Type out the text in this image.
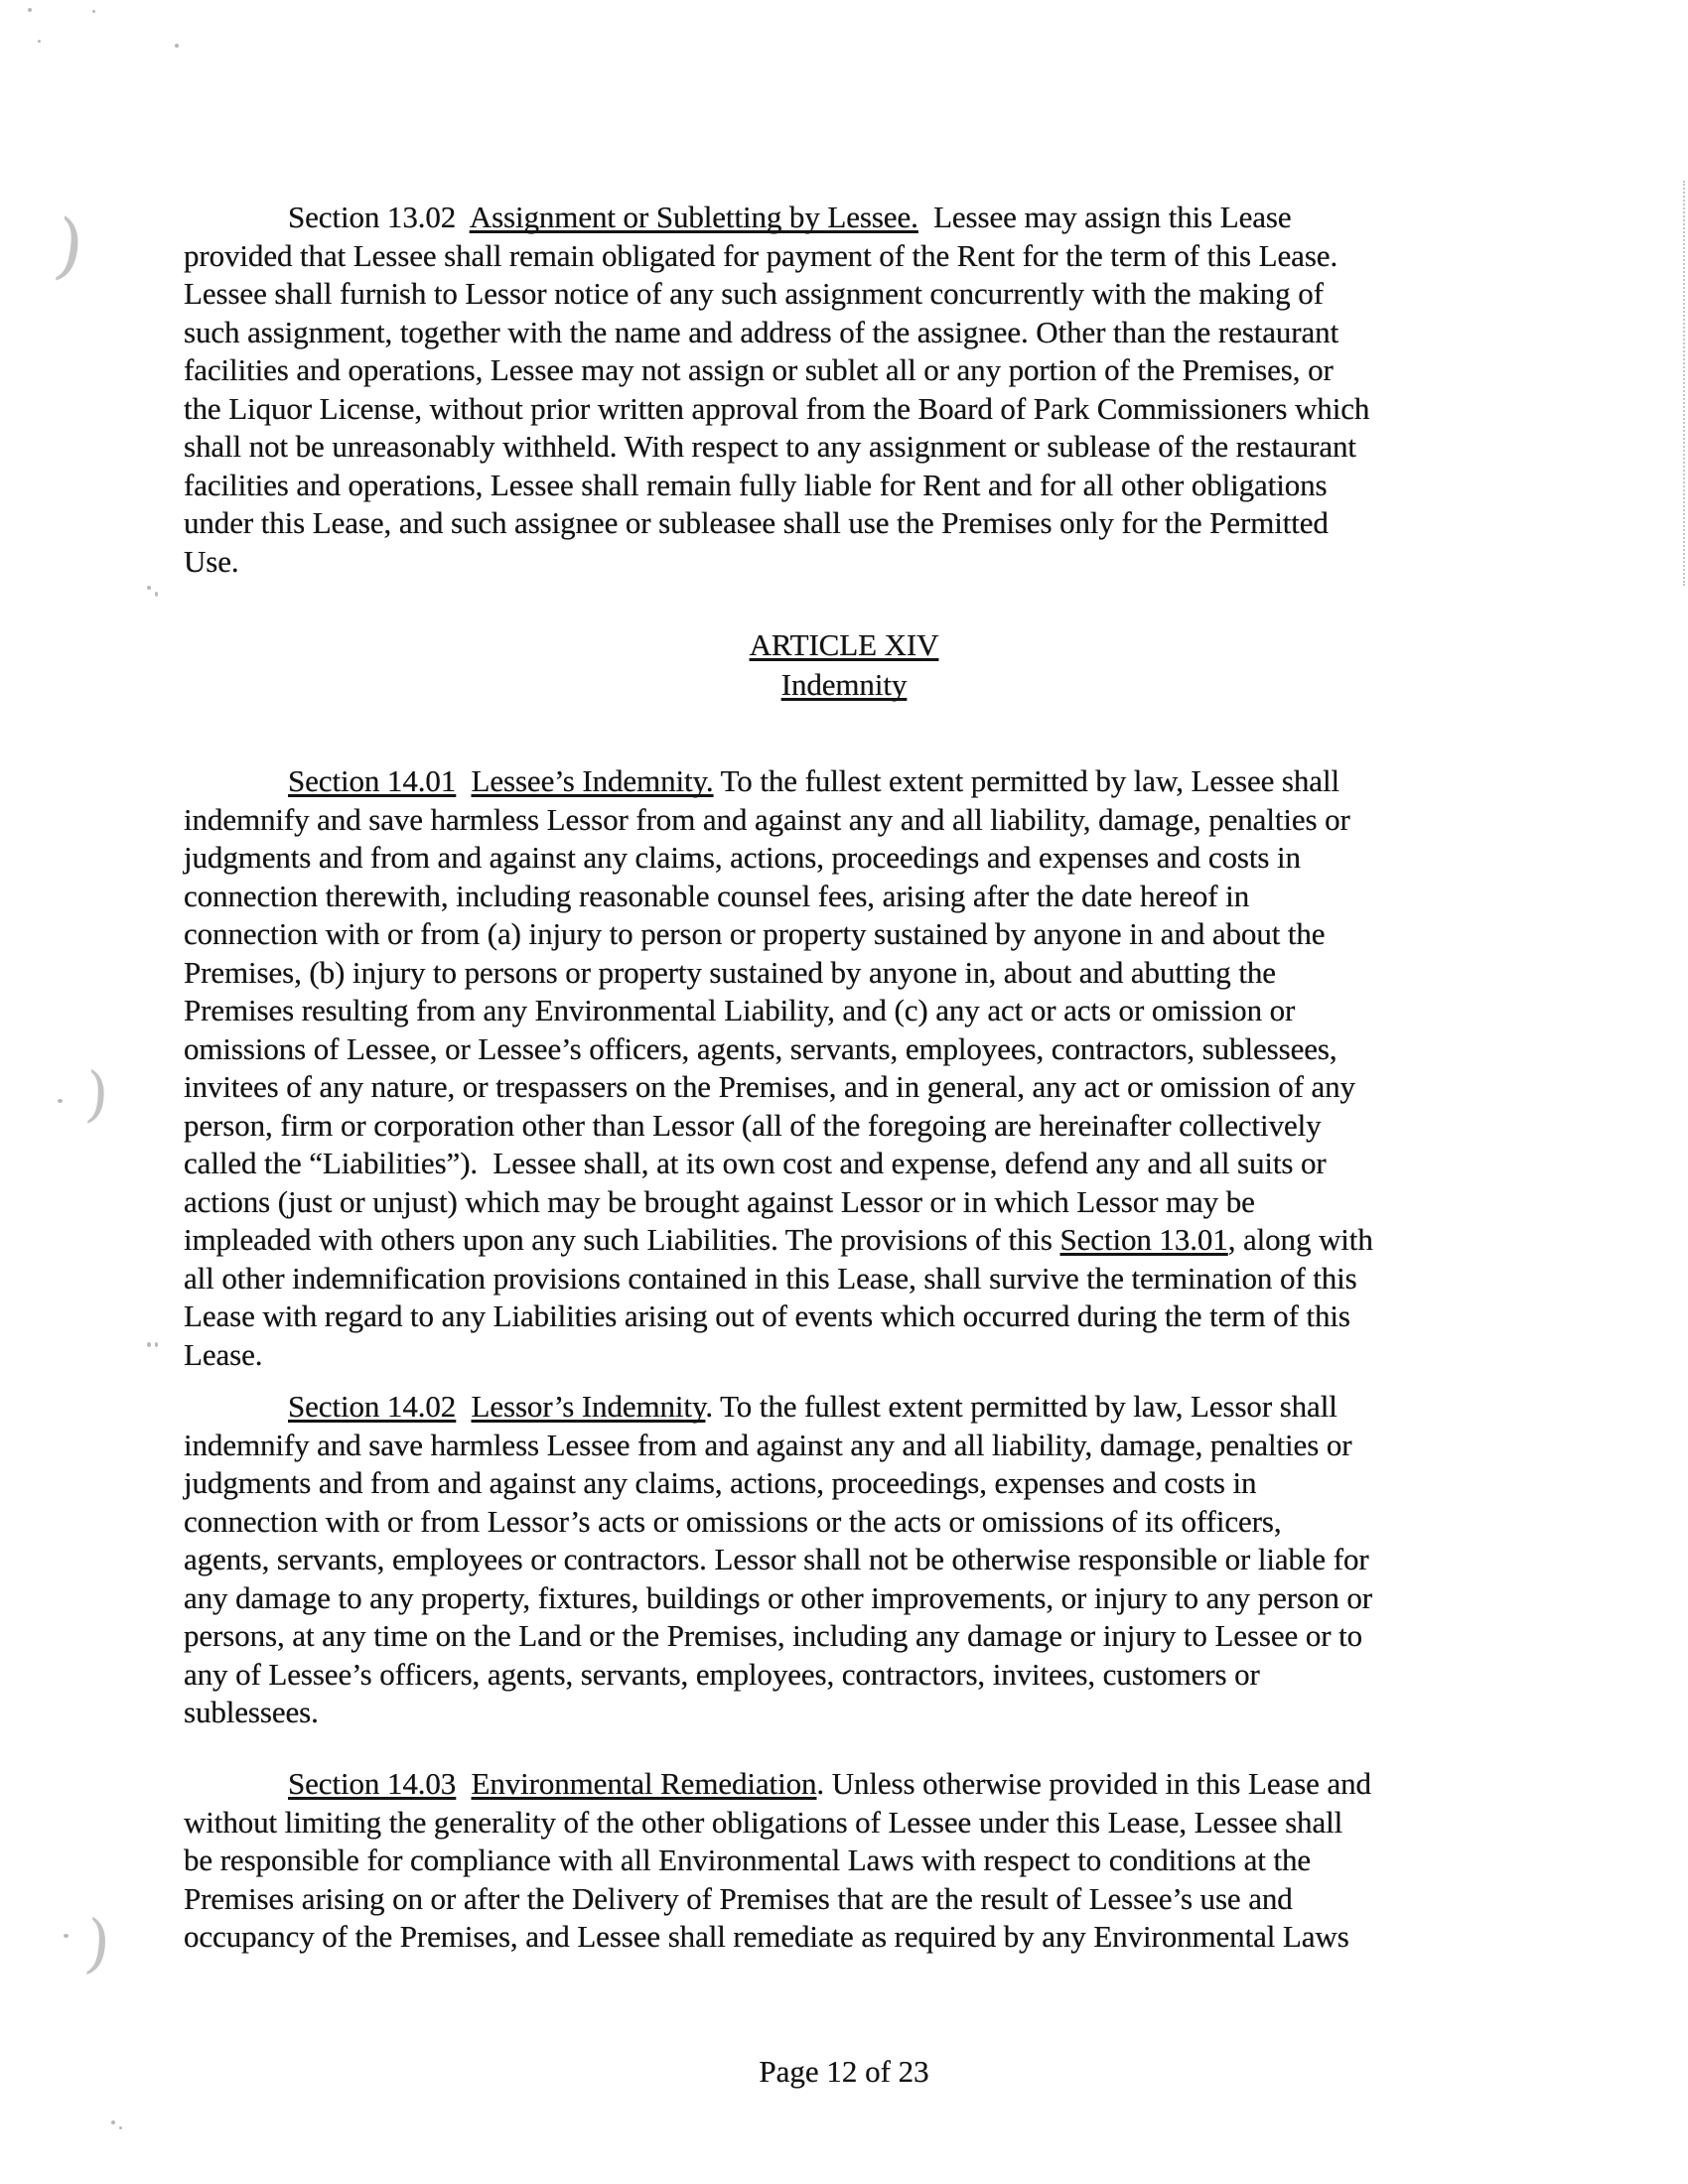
Section 13.02  Assignment or Subletting by Lessee.  Lessee may assign this Lease
provided that Lessee shall remain obligated for payment of the Rent for the term of this Lease.
Lessee shall furnish to Lessor notice of any such assignment concurrently with the making of
such assignment, together with the name and address of the assignee. Other than the restaurant
facilities and operations, Lessee may not assign or sublet all or any portion of the Premises, or
the Liquor License, without prior written approval from the Board of Park Commissioners which
shall not be unreasonably withheld. With respect to any assignment or sublease of the restaurant
facilities and operations, Lessee shall remain fully liable for Rent and for all other obligations
under this Lease, and such assignee or subleasee shall use the Premises only for the Permitted
Use.
ARTICLE XIV
Indemnity
Section 14.01 Lessee’s Indemnity. To the fullest extent permitted by law, Lessee shall
indemnify and save harmless Lessor from and against any and all liability, damage, penalties or
judgments and from and against any claims, actions, proceedings and expenses and costs in
connection therewith, including reasonable counsel fees, arising after the date hereof in
connection with or from (a) injury to person or property sustained by anyone in and about the
Premises, (b) injury to persons or property sustained by anyone in, about and abutting the
Premises resulting from any Environmental Liability, and (c) any act or acts or omission or
omissions of Lessee, or Lessee’s officers, agents, servants, employees, contractors, sublessees,
invitees of any nature, or trespassers on the Premises, and in general, any act or omission of any
person, firm or corporation other than Lessor (all of the foregoing are hereinafter collectively
called the “Liabilities”).  Lessee shall, at its own cost and expense, defend any and all suits or
actions (just or unjust) which may be brought against Lessor or in which Lessor may be
impleaded with others upon any such Liabilities. The provisions of this Section 13.01, along with
all other indemnification provisions contained in this Lease, shall survive the termination of this
Lease with regard to any Liabilities arising out of events which occurred during the term of this
Lease.
Section 14.02 Lessor’s Indemnity. To the fullest extent permitted by law, Lessor shall
indemnify and save harmless Lessee from and against any and all liability, damage, penalties or
judgments and from and against any claims, actions, proceedings, expenses and costs in
connection with or from Lessor’s acts or omissions or the acts or omissions of its officers,
agents, servants, employees or contractors. Lessor shall not be otherwise responsible or liable for
any damage to any property, fixtures, buildings or other improvements, or injury to any person or
persons, at any time on the Land or the Premises, including any damage or injury to Lessee or to
any of Lessee’s officers, agents, servants, employees, contractors, invitees, customers or
sublessees.
Section 14.03 Environmental Remediation. Unless otherwise provided in this Lease and
without limiting the generality of the other obligations of Lessee under this Lease, Lessee shall
be responsible for compliance with all Environmental Laws with respect to conditions at the
Premises arising on or after the Delivery of Premises that are the result of Lessee’s use and
occupancy of the Premises, and Lessee shall remediate as required by any Environmental Laws
Page 12 of 23
)
)
)
